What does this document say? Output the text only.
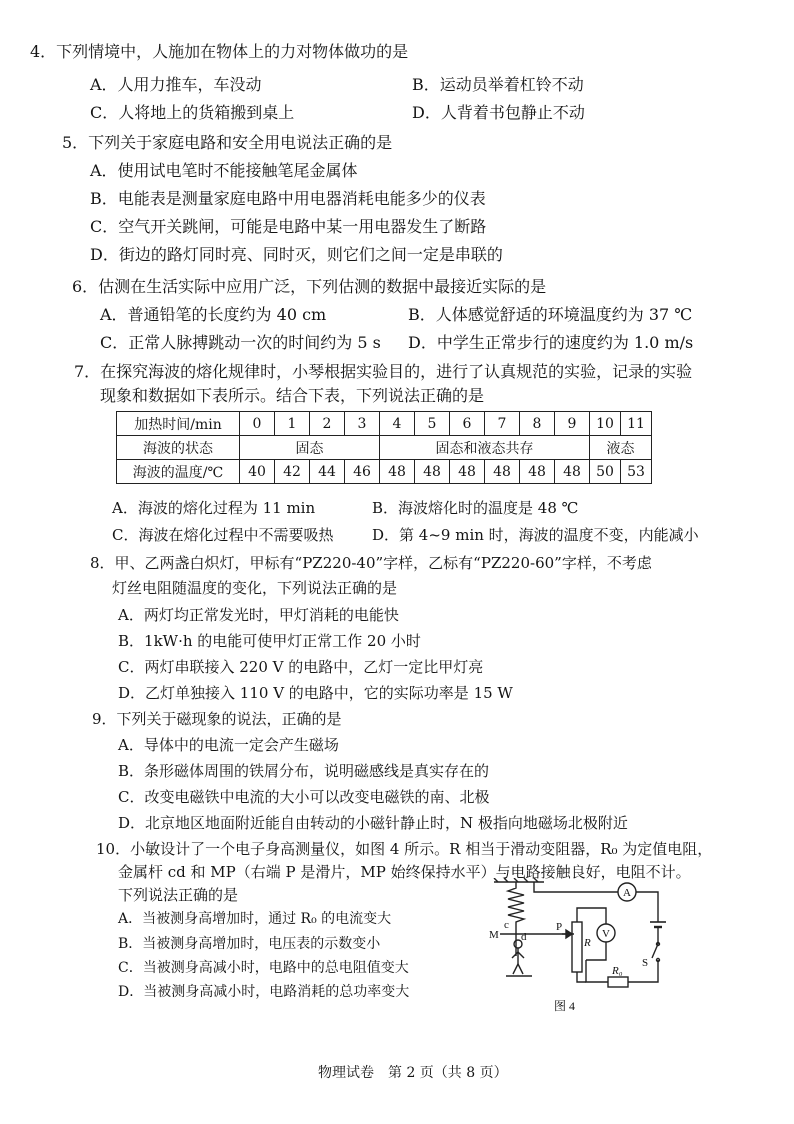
4．下列情境中，人施加在物体上的力对物体做功的是
A．人用力推车，车没动	B．运动员举着杠铃不动
C．人将地上的货箱搬到桌上	D．人背着书包静止不动
5．下列关于家庭电路和安全用电说法正确的是
A．使用试电笔时不能接触笔尾金属体
B．电能表是测量家庭电路中用电器消耗电能多少的仪表
C．空气开关跳闸，可能是电路中某一用电器发生了断路
D．街边的路灯同时亮、同时灭，则它们之间一定是串联的
6．估测在生活实际中应用广泛，下列估测的数据中最接近实际的是
A．普通铅笔的长度约为 40 cm	B．人体感觉舒适的环境温度约为 37 ℃
C．正常人脉搏跳动一次的时间约为 5 s D．中学生正常步行的速度约为 1.0 m/s
7．在探究海波的熔化规律时，小琴根据实验目的，进行了认真规范的实验，记录的实验
现象和数据如下表所示。结合下表，下列说法正确的是
加热时间/min	0	1	2	3	4	5	6	7	8	9	10	11
海波的状态	固态				固态和液态共存						液态	
海波的温度/℃	40	42	44	46	48	48	48	48	48	48	50	53
A．海波的熔化过程为 11 min	B．海波熔化时的温度是 48 ℃
C．海波在熔化过程中不需要吸热	D．第 4~9 min 时，海波的温度不变，内能减小
8．甲、乙两盏白炽灯，甲标有“PZ220-40”字样，乙标有“PZ220-60”字样，不考虑
灯丝电阻随温度的变化，下列说法正确的是
A．两灯均正常发光时，甲灯消耗的电能快
B．1kW·h 的电能可使甲灯正常工作 20 小时
C．两灯串联接入 220 V 的电路中，乙灯一定比甲灯亮
D．乙灯单独接入 110 V 的电路中，它的实际功率是 15 W
9．下列关于磁现象的说法，正确的是
A．导体中的电流一定会产生磁场
B．条形磁体周围的铁屑分布，说明磁感线是真实存在的
C．改变电磁铁中电流的大小可以改变电磁铁的南、北极
D．北京地区地面附近能自由转动的小磁针静止时，N 极指向地磁场北极附近
10．小敏设计了一个电子身高测量仪，如图 4 所示。R 相当于滑动变阻器，R₀ 为定值电阻，
金属杆 cd 和 MP（右端 P 是滑片，MP 始终保持水平）与电路接触良好，电阻不计。
下列说法正确的是
A．当被测身高增加时，通过 R₀ 的电流变大
B．当被测身高增加时，电压表的示数变小
C．当被测身高减小时，电路中的总电阻值变大
D．当被测身高减小时，电路消耗的总功率变大
c
d
M
P
R
A
V
S
R₀
图 4
物理试卷　第 2 页（共 8 页）
